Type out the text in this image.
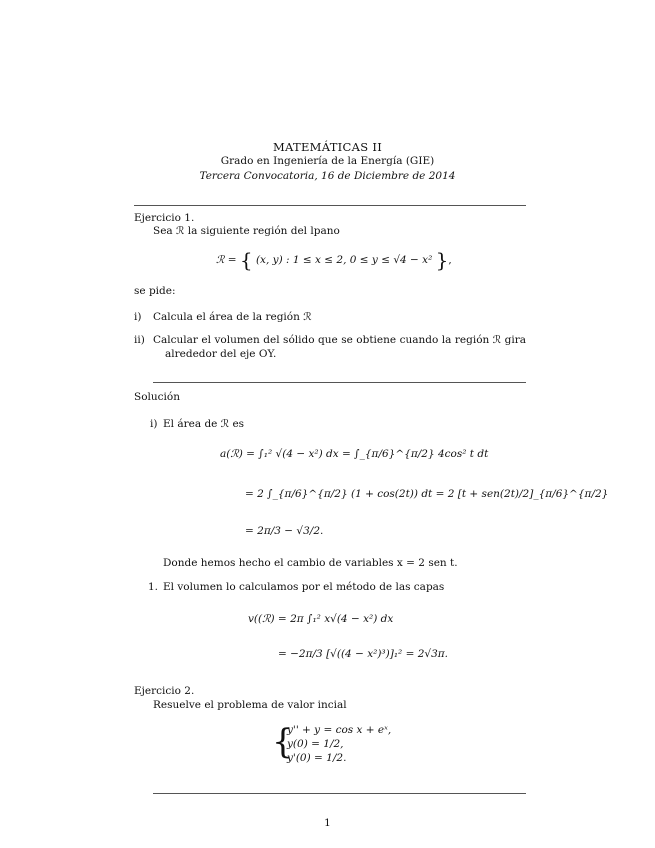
MATEMÁTICAS II
Grado en Ingeniería de la Energía (GIE)
Tercera Convocatoria, 16 de Diciembre de 2014
Ejercicio 1.
Sea ℛ la siguiente región del lpano
ℛ = { (x, y) : 1 ≤ x ≤ 2, 0 ≤ y ≤ √4 − x² },
se pide:
i) Calcula el área de la región ℛ
ii) Calcular el volumen del sólido que se obtiene cuando la región ℛ gira
alrededor del eje OY.
Solución
i) El área de ℛ es
a(ℛ) = ∫₁² √(4 − x²) dx = ∫_{π/6}^{π/2} 4cos² t dt
= 2 ∫_{π/6}^{π/2} (1 + cos(2t)) dt = 2 [t + sen(2t)/2]_{π/6}^{π/2}
= 2π/3 − √3/2.
Donde hemos hecho el cambio de variables x = 2 sen t.
1. El volumen lo calculamos por el método de las capas
v((ℛ) = 2π ∫₁² x√(4 − x²) dx
= −2π/3 [√((4 − x²)³)]₁² = 2√3π.
Ejercicio 2.
Resuelve el problema de valor incial
{
y'' + y = cos x + eˣ,
y(0) = 1/2,
y'(0) = 1/2.
1
